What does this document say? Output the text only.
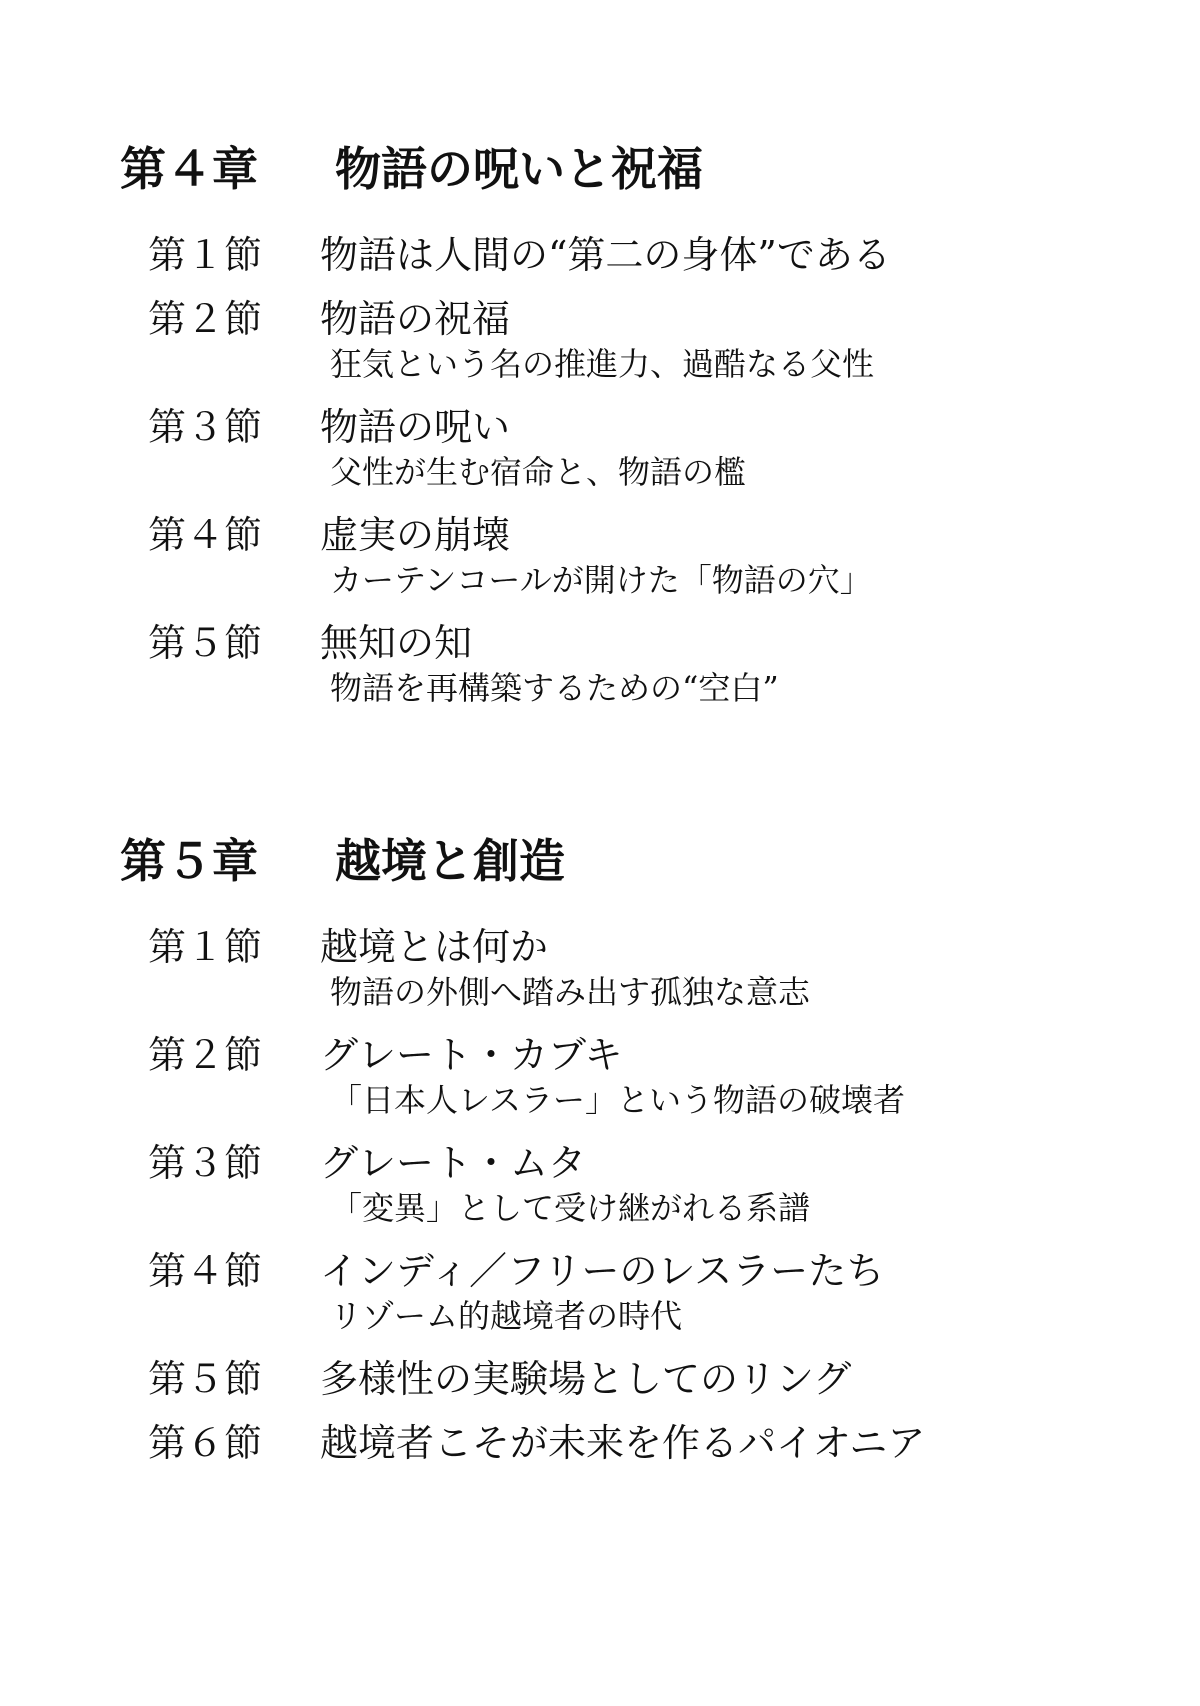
第４章	物語の呪いと祝福
第１節	物語は人間の“第二の身体”である
第２節	物語の祝福
狂気という名の推進力、過酷なる父性
第３節	物語の呪い
父性が生む宿命と、物語の檻
第４節	虚実の崩壊
カーテンコールが開けた「物語の穴」
第５節	無知の知
物語を再構築するための“空白”
第５章	越境と創造
第１節	越境とは何か
物語の外側へ踏み出す孤独な意志
第２節	グレート・カブキ
「日本人レスラー」という物語の破壊者
第３節	グレート・ムタ
「変異」として受け継がれる系譜
第４節	インディ／フリーのレスラーたち
リゾーム的越境者の時代
第５節	多様性の実験場としてのリング
第６節	越境者こそが未来を作るパイオニア
